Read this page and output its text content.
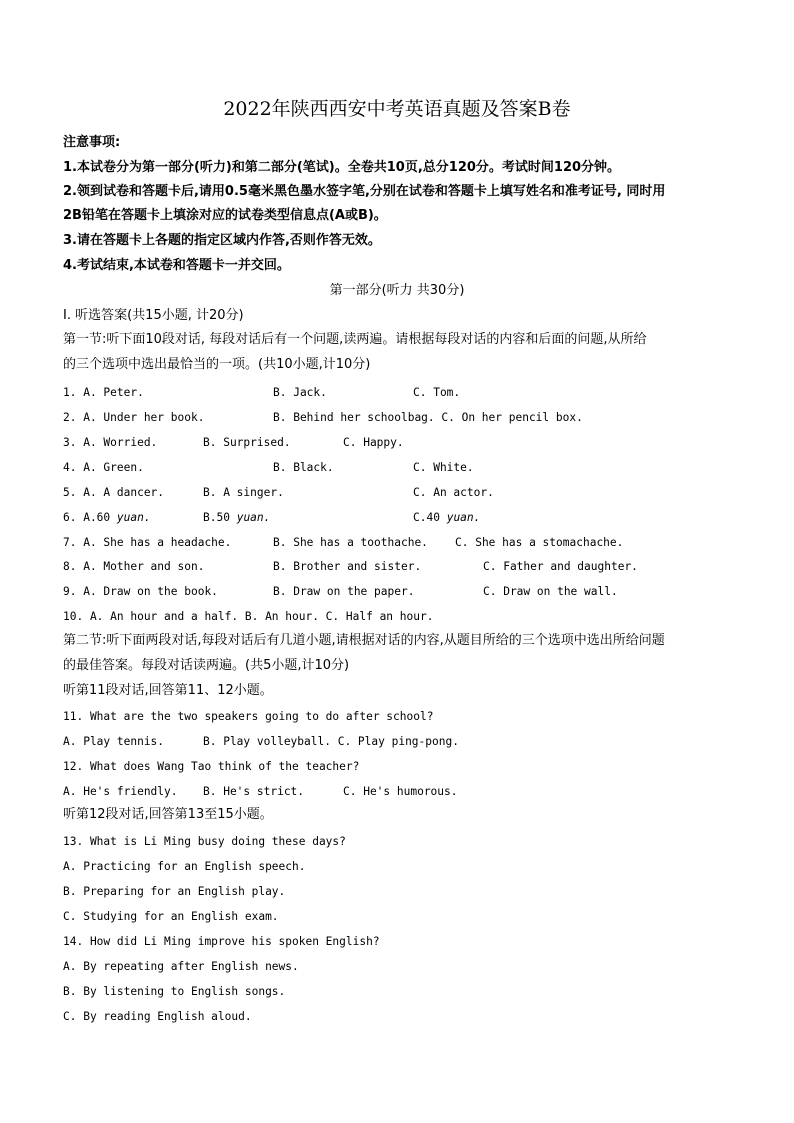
2022年陕西西安中考英语真题及答案B卷
注意事项:
1.本试卷分为第一部分(听力)和第二部分(笔试)。全卷共10页,总分120分。考试时间120分钟。
2.领到试卷和答题卡后,请用0.5毫米黑色墨水签字笔,分别在试卷和答题卡上填写姓名和准考证号, 同时用
2B铅笔在答题卡上填涂对应的试卷类型信息点(A或B)。
3.请在答题卡上各题的指定区域内作答,否则作答无效。
4.考试结束,本试卷和答题卡一并交回。
第一部分(听力 共30分)
I. 听选答案(共15小题, 计20分)
第一节:听下面10段对话, 每段对话后有一个问题,读两遍。请根据每段对话的内容和后面的问题,从所给
的三个选项中选出最恰当的一项。(共10小题,计10分)
1. A. Peter.	B. Jack.	C. Tom.
2. A. Under her book.	B. Behind her schoolbag. C. On her pencil box.
3. A. Worried.	B. Surprised.	C. Happy.
4. A. Green.	B. Black.	C. White.
5. A. A dancer.	B. A singer.	C. An actor.
6. A.60 yuan.	B.50 yuan.	C.40 yuan.
7. A. She has a headache.	B. She has a toothache. C. She has a stomachache.
8. A. Mother and son.	B. Brother and sister.	C. Father and daughter.
9. A. Draw on the book.	B. Draw on the paper.	C. Draw on the wall.
10. A. An hour and a half. B. An hour. C. Half an hour.
第二节:听下面两段对话,每段对话后有几道小题,请根据对话的内容,从题目所给的三个选项中选出所给问题
的最佳答案。每段对话读两遍。(共5小题,计10分)
听第11段对话,回答第11、12小题。
11. What are the two speakers going to do after school?
A. Play tennis.	B. Play volleyball. C. Play ping-pong.
12. What does Wang Tao think of the teacher?
A. He's friendly. B. He's strict.	C. He's humorous.
听第12段对话,回答第13至15小题。
13. What is Li Ming busy doing these days?
A. Practicing for an English speech.
B. Preparing for an English play.
C. Studying for an English exam.
14. How did Li Ming improve his spoken English?
A. By repeating after English news.
B. By listening to English songs.
C. By reading English aloud.
